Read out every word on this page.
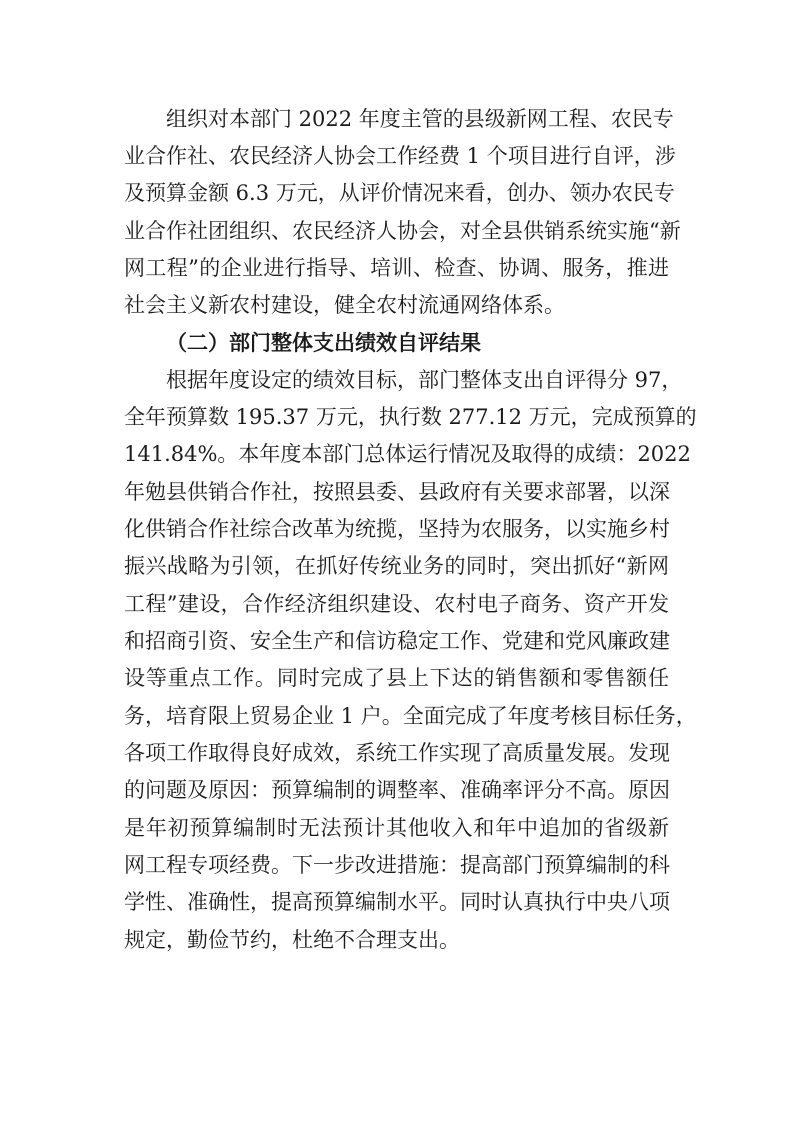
组织对本部门 2022 年度主管的县级新网工程、农民专
业合作社、农民经济人协会工作经费 1 个项目进行自评，涉
及预算金额 6.3 万元，从评价情况来看，创办、领办农民专
业合作社团组织、农民经济人协会，对全县供销系统实施“新
网工程”的企业进行指导、培训、检查、协调、服务，推进
社会主义新农村建设，健全农村流通网络体系。
（二）部门整体支出绩效自评结果
根据年度设定的绩效目标，部门整体支出自评得分 97，
全年预算数 195.37 万元，执行数 277.12 万元，完成预算的
141.84%。本年度本部门总体运行情况及取得的成绩：2022
年勉县供销合作社，按照县委、县政府有关要求部署，以深
化供销合作社综合改革为统揽，坚持为农服务，以实施乡村
振兴战略为引领，在抓好传统业务的同时，突出抓好“新网
工程”建设，合作经济组织建设、农村电子商务、资产开发
和招商引资、安全生产和信访稳定工作、党建和党风廉政建
设等重点工作。同时完成了县上下达的销售额和零售额任
务，培育限上贸易企业 1 户。全面完成了年度考核目标任务，
各项工作取得良好成效，系统工作实现了高质量发展。发现
的问题及原因：预算编制的调整率、准确率评分不高。原因
是年初预算编制时无法预计其他收入和年中追加的省级新
网工程专项经费。下一步改进措施：提高部门预算编制的科
学性、准确性，提高预算编制水平。同时认真执行中央八项
规定，勤俭节约，杜绝不合理支出。
